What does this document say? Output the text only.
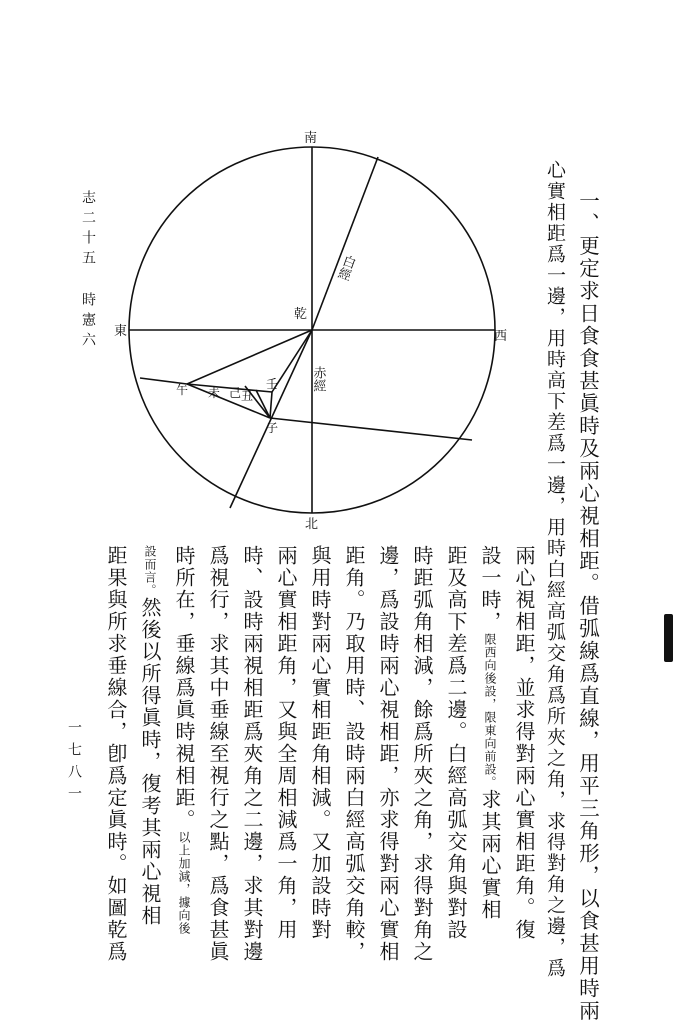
志二十五
時憲六
一七八一
南
北
東	西
乾
白經
赤經
午 未 己 丑
壬
子	一、更定求日食食甚眞時及兩心視相距。借弧線爲直線，用平三角形，以食甚用時兩
心實相距爲一邊，用時高下差爲一邊，用時白經高弧交角爲所夾之角，求得對角之邊，爲
兩心視相距，並求得對兩心實相距角。復
設一時，限西向後設，限東向前設。求其兩心實相
距及高下差爲二邊。白經高弧交角與對設
時距弧角相減，餘爲所夾之角，求得對角之
邊，爲設時兩心視相距，亦求得對兩心實相
距角。乃取用時、設時兩白經高弧交角較，
與用時對兩心實相距角相減。又加設時對
兩心實相距角，又與全周相減爲一角，用
時、設時兩視相距爲夾角之二邊，求其對邊
爲視行，求其中垂線至視行之點，爲食甚眞
時所在，垂線爲眞時視相距。以上加減，據向後
設而言。然後以所得眞時，復考其兩心視相
距果與所求垂線合，卽爲定眞時。如圖乾爲
